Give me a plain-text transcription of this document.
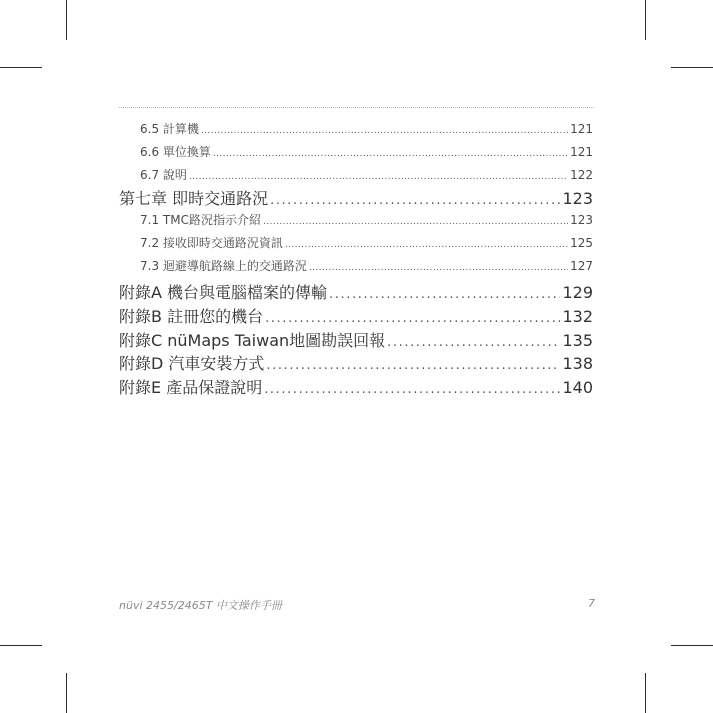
6.5 計算機 .....	121
6.6 單位換算 .....	121
6.7 說明 .....	122
第七章 即時交通路況 .....	123
7.1 TMC路況指示介紹 .....	123
7.2 接收即時交通路況資訊 .....	125
7.3 迴避導航路線上的交通路況 .....	127
附錄A 機台與電腦檔案的傳輸 .....	129
附錄B 註冊您的機台 .....	132
附錄C nüMaps Taiwan地圖勘誤回報 .....	135
附錄D 汽車安裝方式 .....	138
附錄E 產品保證說明 .....	140
nüvi 2455/2465T 中文操作手冊	7
